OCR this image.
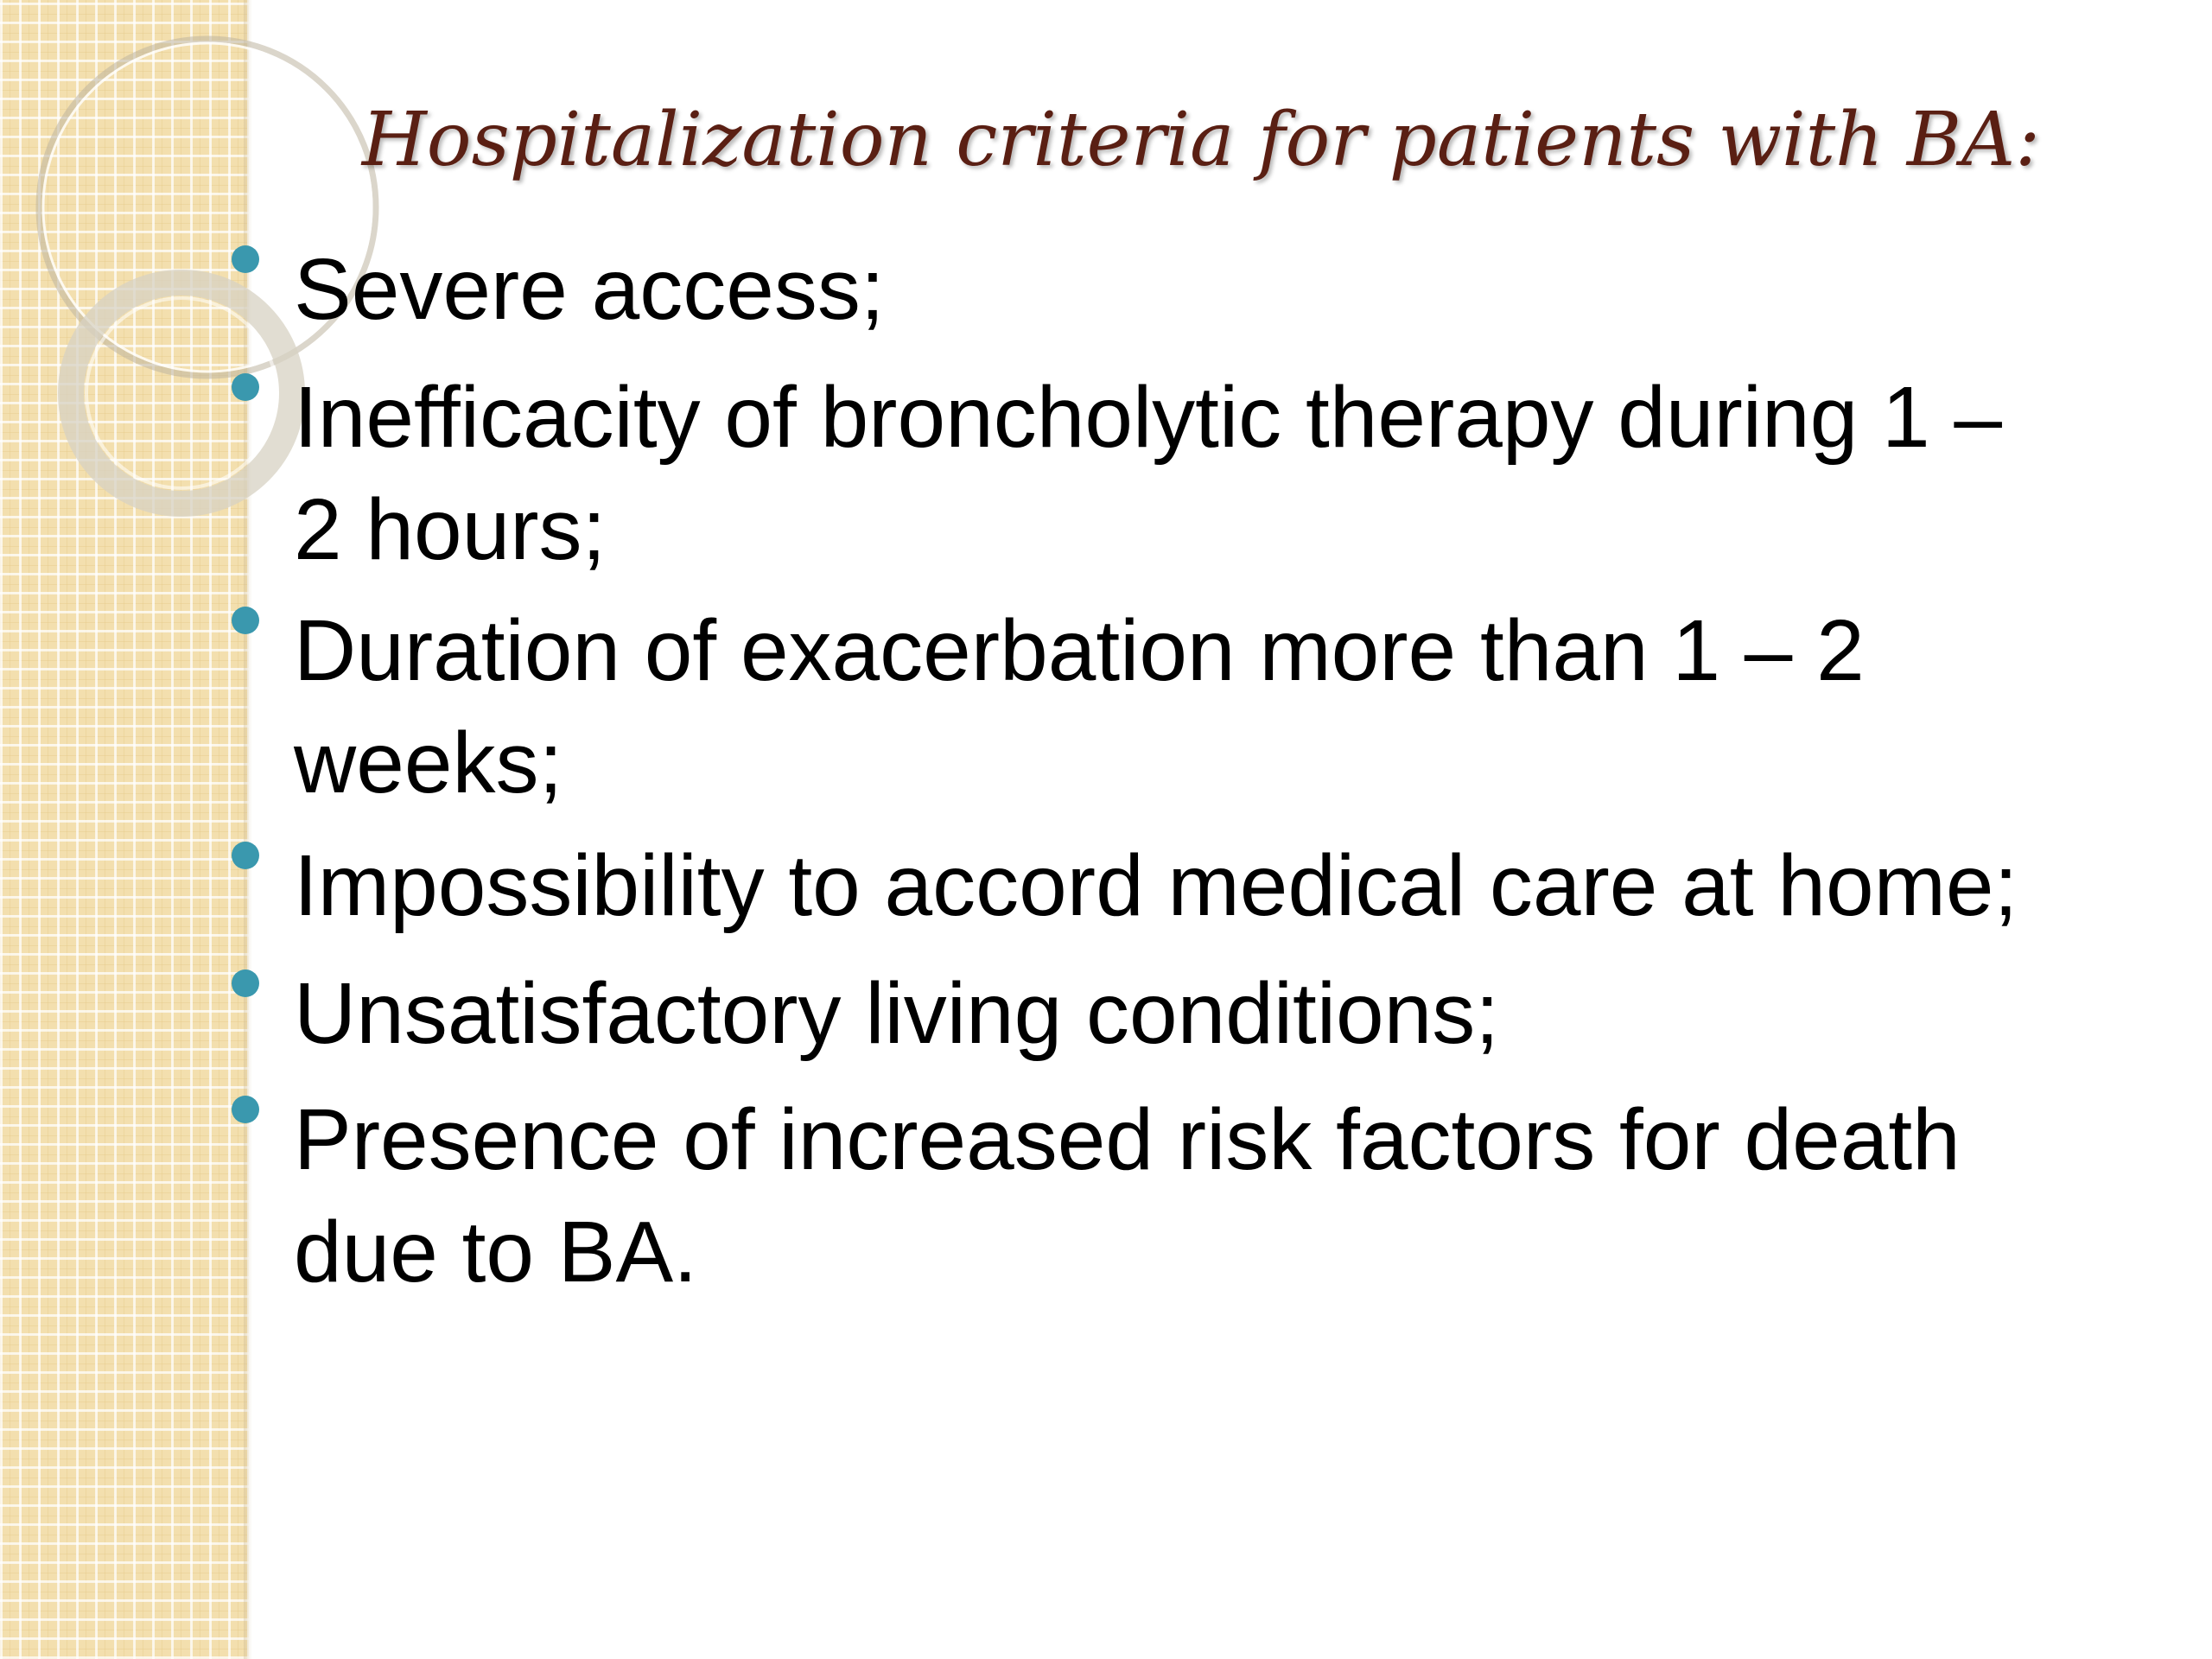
Hospitalization criteria for patients with BA:
Severe access;
Inefficacity of broncholytic therapy during 1 –
2 hours;
Duration of exacerbation more than 1 – 2
weeks;
Impossibility to accord medical care at home;
Unsatisfactory living conditions;
Presence of increased risk factors for death
due to BA.
